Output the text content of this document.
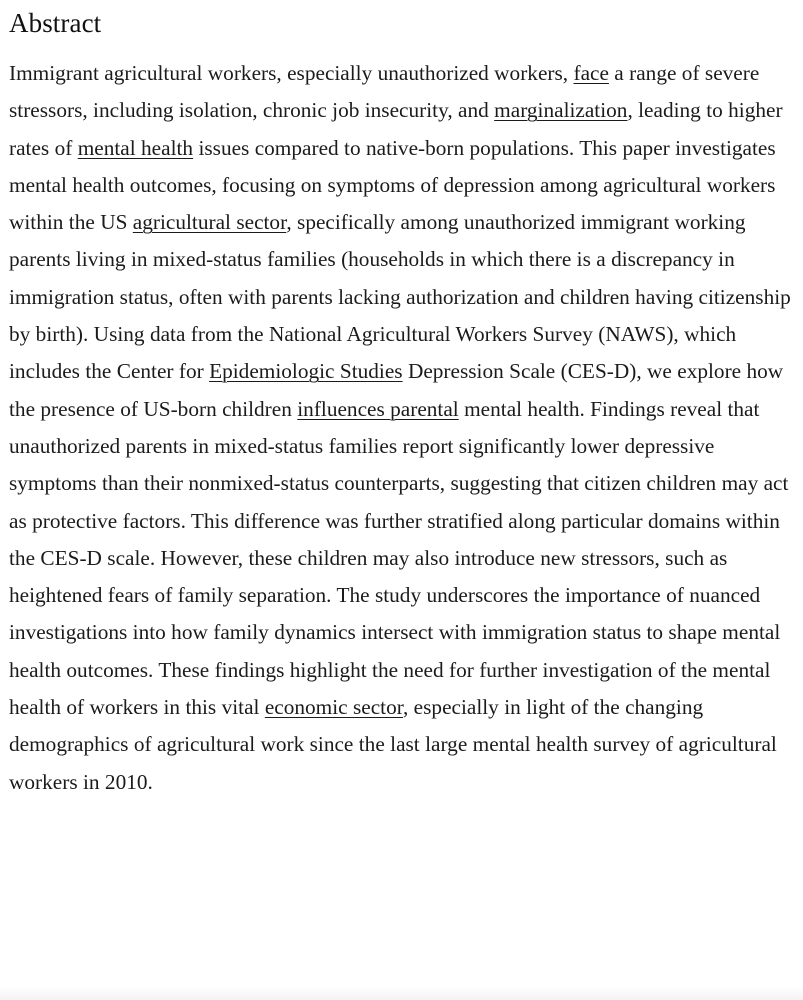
Abstract

Immigrant agricultural workers, especially unauthorized workers, face a range of severe stressors, including isolation, chronic job insecurity, and marginalization, leading to higher rates of mental health issues compared to native-born populations. This paper investigates mental health outcomes, focusing on symptoms of depression among agricultural workers within the US agricultural sector, specifically among unauthorized immigrant working parents living in mixed-status families (households in which there is a discrepancy in immigration status, often with parents lacking authorization and children having citizenship by birth). Using data from the National Agricultural Workers Survey (NAWS), which includes the Center for Epidemiologic Studies Depression Scale (CES-D), we explore how the presence of US-born children influences parental mental health. Findings reveal that unauthorized parents in mixed-status families report significantly lower depressive symptoms than their nonmixed-status counterparts, suggesting that citizen children may act as protective factors. This difference was further stratified along particular domains within the CES-D scale. However, these children may also introduce new stressors, such as heightened fears of family separation. The study underscores the importance of nuanced investigations into how family dynamics intersect with immigration status to shape mental health outcomes. These findings highlight the need for further investigation of the mental health of workers in this vital economic sector, especially in light of the changing demographics of agricultural work since the last large mental health survey of agricultural workers in 2010.
